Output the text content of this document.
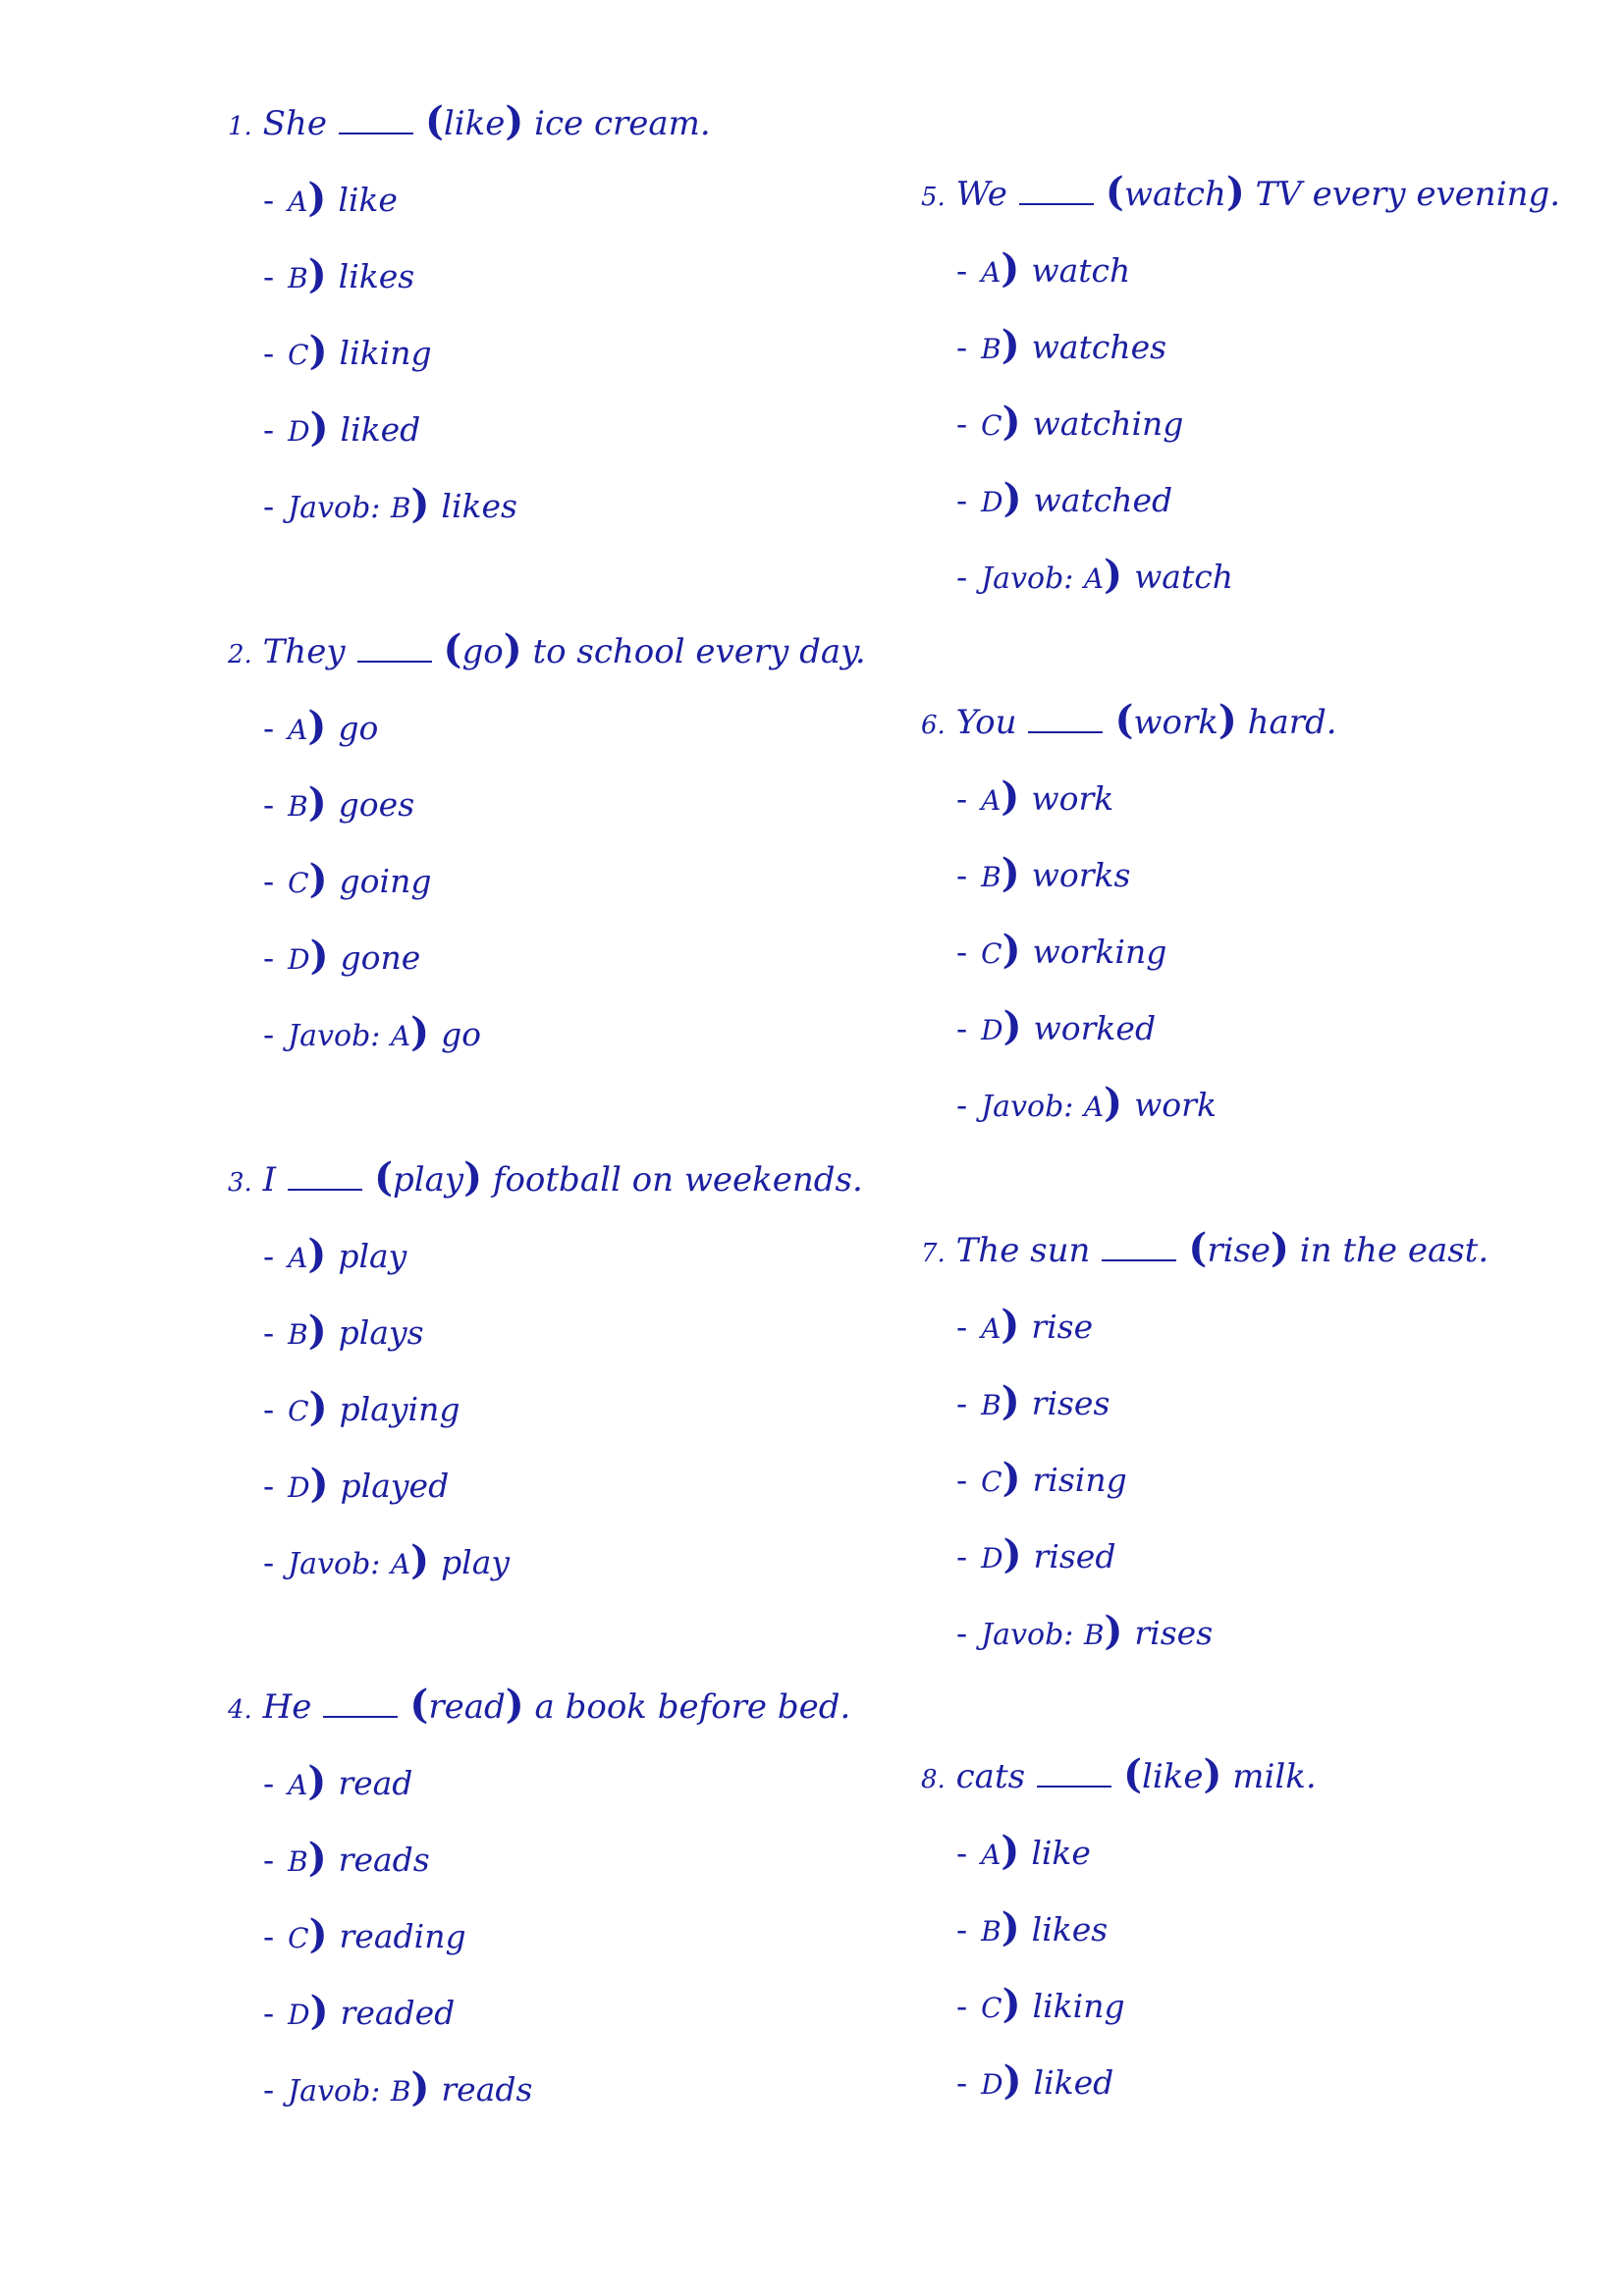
1. She	(like) ice cream.
- A) like
- B) likes
- C) liking
- D) liked
- Javob: B) likes
2. They	(go) to school every day.
- A) go
- B) goes
- C) going
- D) gone
- Javob: A) go
3. I	(play) football on weekends.
- A) play
- B) plays
- C) playing
- D) played
- Javob: A) play
4. He	(read) a book before bed.
- A) read
- B) reads
- C) reading
- D) readed
- Javob: B) reads
5. We	(watch) TV every evening.
- A) watch
- B) watches
- C) watching
- D) watched
- Javob: A) watch
6. You	(work) hard.
- A) work
- B) works
- C) working
- D) worked
- Javob: A) work
7. The sun	(rise) in the east.
- A) rise
- B) rises
- C) rising
- D) rised
- Javob: B) rises
8. cats	(like) milk.
- A) like
- B) likes
- C) liking
- D) liked
